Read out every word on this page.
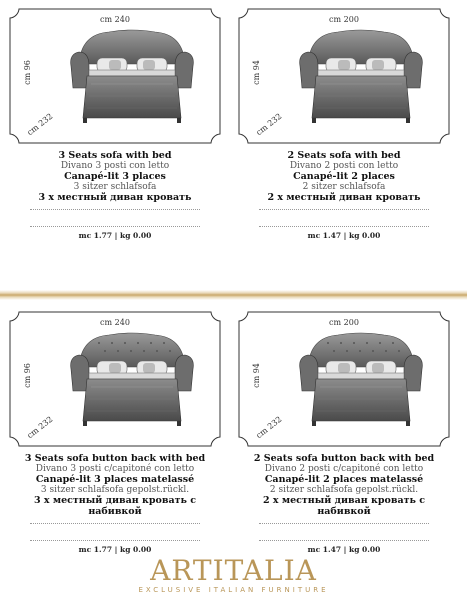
cm 240
cm 96
cm 232
3 Seats sofa with bed
Divano 3 posti con letto
Canapé-lit 3 places
3 sitzer schlafsofa
3 х местный диван кровать
mc 1.77 | kg 0.00
cm 200
cm 94
cm 232
2 Seats sofa with bed
Divano 2 posti con letto
Canapé-lit 2 places
2 sitzer schlafsofa
2 х местный диван кровать
mc 1.47 | kg 0.00
cm 240
cm 96
cm 232
3 Seats sofa button back with bed
Divano 3 posti c/capitoné con letto
Canapé-lit 3 places matelassé
3 sitzer schlafsofa gepolst.rückl.
3 х местный диван кровать с набивкой
mc 1.77 | kg 0.00
cm 200
cm 94
cm 232
2 Seats sofa button back with bed
Divano 2 posti c/capitoné con letto
Canapé-lit 2 places matelassé
2 sitzer schlafsofa gepolst.rückl.
2 х местный диван кровать с набивкой
mc 1.47 | kg 0.00
ARTITALIA
EXCLUSIVE ITALIAN FURNITURE
